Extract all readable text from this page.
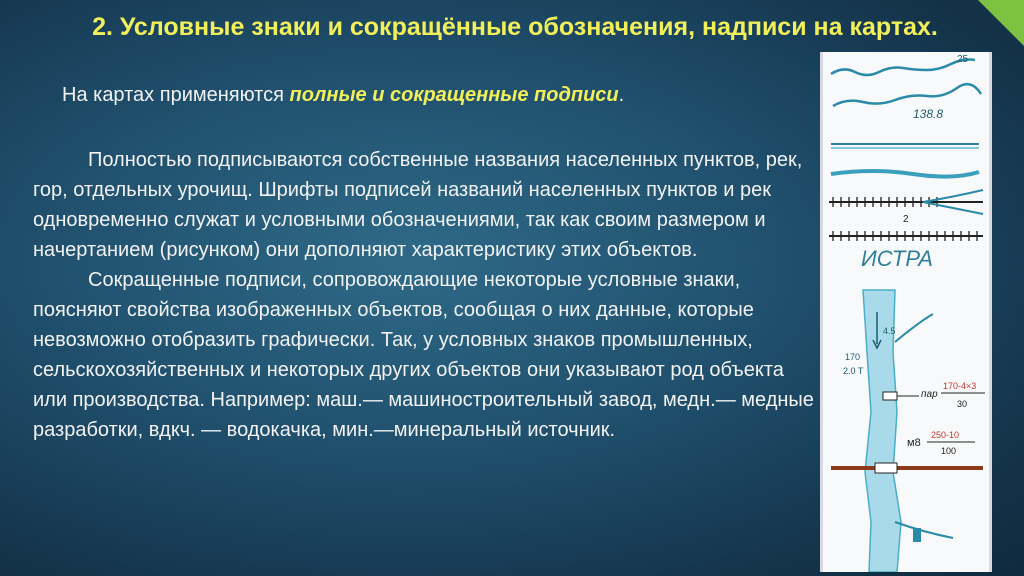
2. Условные знаки и сокращённые обозначения, надписи на картах.
На картах применяются полные и сокращенные подписи.

Полностью подписываются собственные названия населенных пунктов, рек, гор, отдельных урочищ. Шрифты подписей названий населенных пунктов и рек одновременно служат и условными обозначениями, так как своим размером и начертанием (рисунком) они дополняют характеристику этих объектов.

Сокращенные подписи, сопровождающие некоторые условные знаки, поясняют свойства изображенных объектов, сообщая о них данные, которые невозможно отобразить графически. Так, у условных знаков промышленных, сельскохозяйственных и некоторых других объектов они указывают род объекта или производства. Например: маш.— машиностроительный завод, медн.— медные разработки, вдкч. — водокачка, мин.—минеральный источник.

25
138.8
2
ИСТРА
4.5
170
2.0 T
пар
170-4×3
30
м8
250-10
100
